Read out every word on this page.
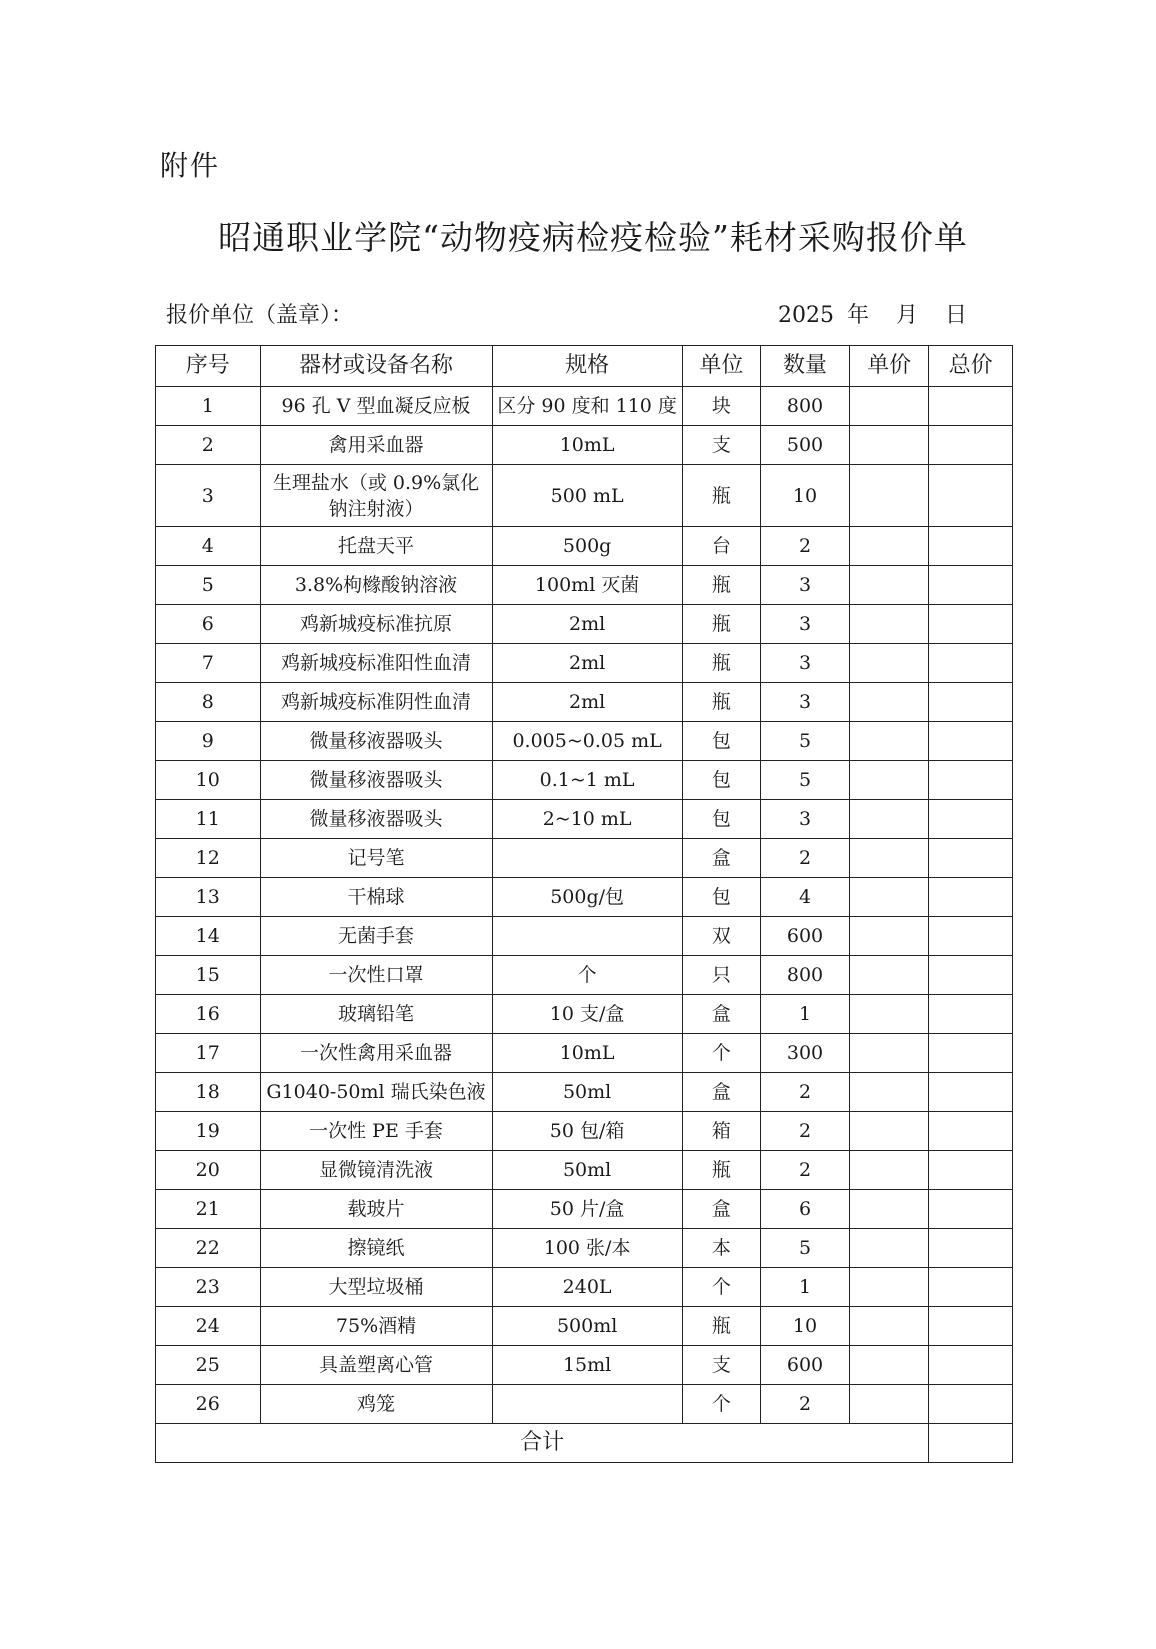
附件
昭通职业学院“动物疫病检疫检验”耗材采购报价单
报价单位（盖章）：	2025 年 月 日
序号	器材或设备名称	规格	单位	数量	单价	总价
1	96 孔 V 型血凝反应板	区分 90 度和 110 度	块	800		
2	禽用采血器	10mL	支	500		
3	生理盐水（或 0.9%氯化钠注射液）	500 mL	瓶	10		
4	托盘天平	500g	台	2		
5	3.8%枸橼酸钠溶液	100ml 灭菌	瓶	3		
6	鸡新城疫标准抗原	2ml	瓶	3		
7	鸡新城疫标准阳性血清	2ml	瓶	3		
8	鸡新城疫标准阴性血清	2ml	瓶	3		
9	微量移液器吸头	0.005~0.05 mL	包	5		
10	微量移液器吸头	0.1~1 mL	包	5		
11	微量移液器吸头	2~10 mL	包	3		
12	记号笔		盒	2		
13	干棉球	500g/包	包	4		
14	无菌手套		双	600		
15	一次性口罩	个	只	800		
16	玻璃铅笔	10 支/盒	盒	1		
17	一次性禽用采血器	10mL	个	300		
18	G1040-50ml 瑞氏染色液	50ml	盒	2		
19	一次性 PE 手套	50 包/箱	箱	2		
20	显微镜清洗液	50ml	瓶	2		
21	载玻片	50 片/盒	盒	6		
22	擦镜纸	100 张/本	本	5		
23	大型垃圾桶	240L	个	1		
24	75%酒精	500ml	瓶	10		
25	具盖塑离心管	15ml	支	600		
26	鸡笼		个	2		
合计						
